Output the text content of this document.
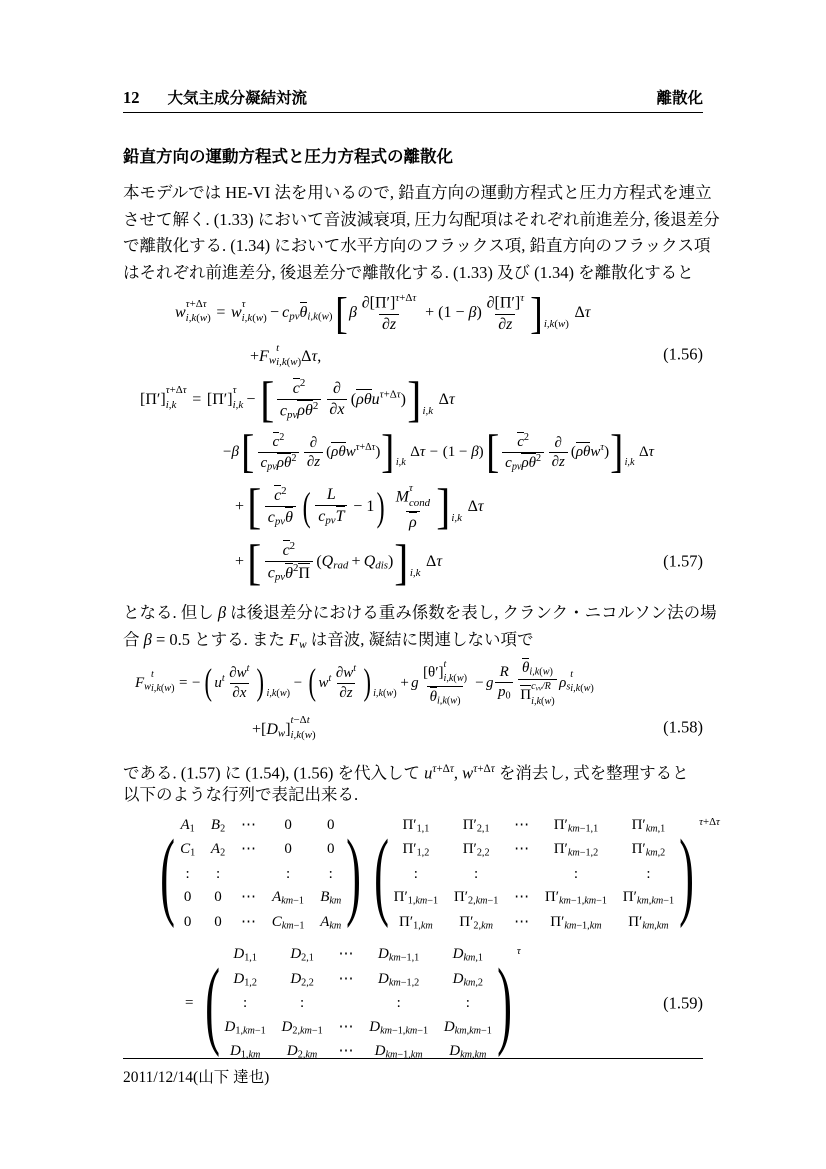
12 大気主成分凝結対流	離散化
鉛直方向の運動方程式と圧力方程式の離散化
本モデルでは HE-VI 法を用いるので, 鉛直方向の運動方程式と圧力方程式を連立
させて解く. (1.33) において音波減衰項, 圧力勾配項はそれぞれ前進差分, 後退差分
で離散化する. (1.34) において水平方向のフラックス項, 鉛直方向のフラックス項
はそれぞれ前進差分, 後退差分で離散化する. (1.33) 及び (1.34) を離散化すると
w
τ+Δτ
i,k(w) = w
τ
$i,k(w) - cpv\theta i,k(w)[\beta \frac{\partial[\Pi']^{\tau+\Delta\tau}}{\partial z} + (1 - \beta) \frac{\partial[\Pi']^\tau}{\partial z} ]_{i,k(w)}\Delta\tau$
+Fw
t
i,k(w) Δτ,	(1.56)
[Π′]
τ+Δτ
i,k = [Π′]
τ
i,k −[ $c^2$
cpvρθ$^2$
∂
∂x
$(\rho\theta u^{\tau+\Delta\tau})]_{i,k}\Delta\tau$
−β[ $c^2$
cpvρθ$^2$
∂
∂z
$(\rho\theta w^{\tau+\Delta\tau})]_{i,k}\Delta\tau - (1 - \beta)$[ $c^2$
cpvρθ$^2$
∂
∂z
$(\rho\theta w^\tau)]_{i,k}\Delta\tau$
+[ $c^2$
cpvθ ( L
cpvT
− 1) M
τ
cond
ρ ]$_{i,k}\Delta\tau$
+[ $c^2$
cpvθ$^2$Π
(Qrad + $Qdis)]_{i,k}\Delta\tau$	(1.57)
となる. 但し β は後退差分における重み係数を表し, クランク・ニコルソン法の場
合 β = 0.5 とする. また Fw は音波, 凝結に関連しない項で
Fw
t
i,k(w) = − ( $u^t \frac{\partial w^t}{\partial x}$ ) $_{i,k(w)}$− ( $w^t \frac{\partial w^t}{\partial z}$ ) $_{i,k(w)}$+ g [θ′]
t
i,k(w)
θi,k(w) − g $\frac{R}{p0} \theta i,k(w)$
Π
cvv/R
i,k(w)
ρs
t
i,k(w)
+[Dw]
t−Δt
i,k(w)	(1.58)
である. (1.57) に (1.54), (1.56) を代入して $u^{\tau+\Delta\tau}$, $w^{\tau+\Delta\tau}$ を消去し, 式を整理すると
以下のような行列で表記出来る.
( A1 B2 ⋯	0	0
C1 A2 ⋯	0	0
:	:	:	:
0 0 ⋯ Akm−1 Bkm
0 0 ⋯ Ckm−1 Akm ) ( Π′1,1	Π′2,1	⋯	Π′km−1,1	Π′km,1
Π′1,2	Π′2,2	⋯	Π′km−1,2	Π′km,2
:	:	:	:
Π′1,km−1 Π′2,km−1 ⋯ Π′km−1,km−1 Π′km,km−1
Π′1,km	Π′2,km	⋯	Π′km−1,km	Π′km,km ) τ+Δτ
= ( D1,1	D2,1	⋯	Dkm−1,1	Dkm,1
D1,2	D2,2	⋯	Dkm−1,2	Dkm,2
:	:	:	:
D1,km−1 D2,km−1 ⋯ Dkm−1,km−1 Dkm,km−1
D1,km	D2,km	⋯	Dkm−1,km	Dkm,km ) τ
(1.59)
2011/12/14(山下 達也)
